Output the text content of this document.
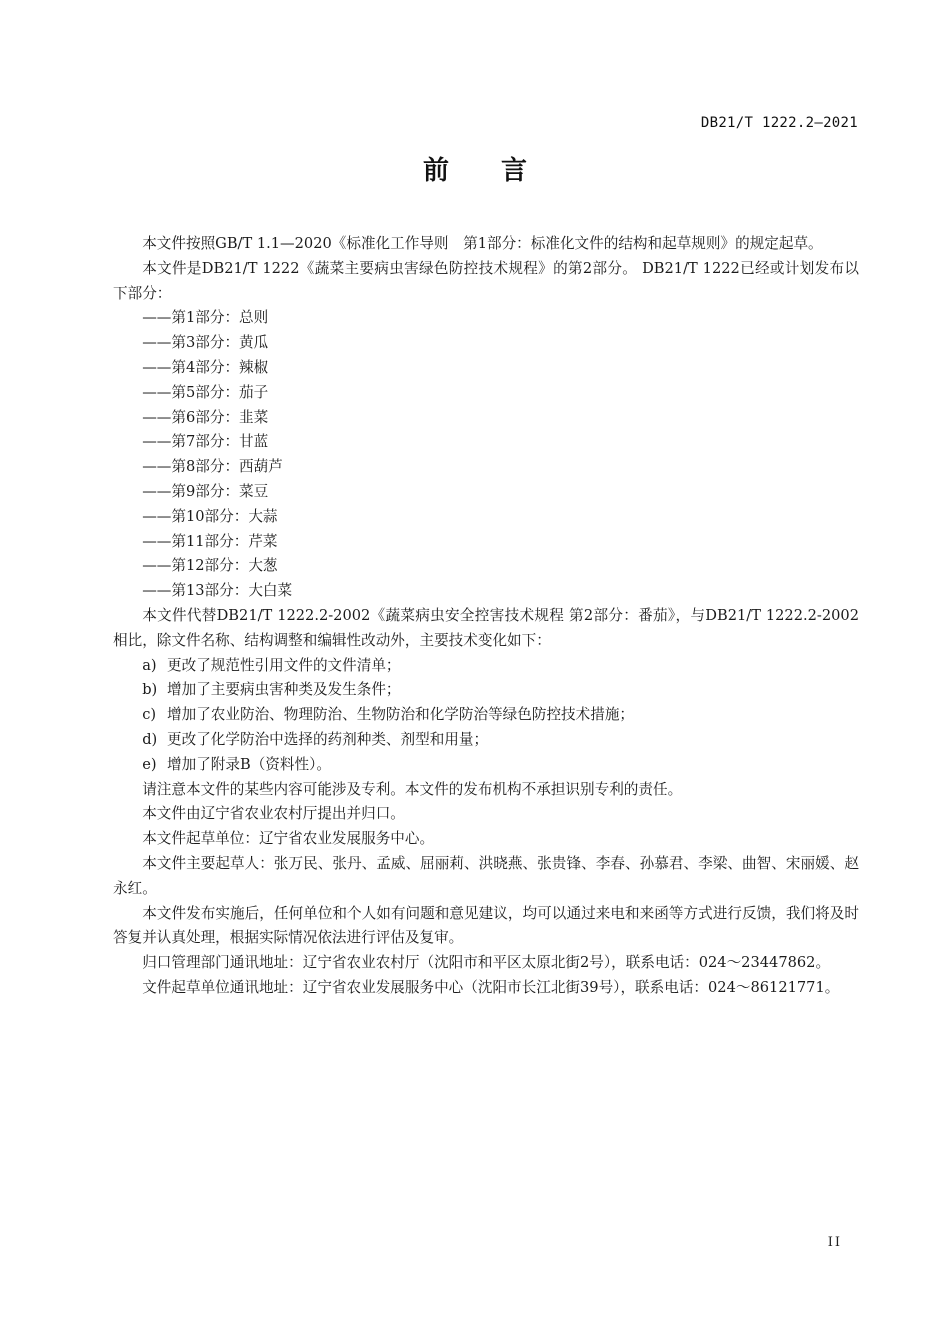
DB21/T 1222.2—2021
前言

本文件按照GB/T 1.1—2020《标准化工作导则　第1部分：标准化文件的结构和起草规则》的规定起草。

本文件是DB21/T 1222《蔬菜主要病虫害绿色防控技术规程》的第2部分。 DB21/T 1222已经或计划发布以下部分：

——第1部分：总则

——第3部分：黄瓜

——第4部分：辣椒

——第5部分：茄子

——第6部分：韭菜

——第7部分：甘蓝

——第8部分：西葫芦

——第9部分：菜豆

——第10部分：大蒜

——第11部分：芹菜

——第12部分：大葱

——第13部分：大白菜

本文件代替DB21/T 1222.2-2002《蔬菜病虫安全控害技术规程 第2部分：番茄》，与DB21/T 1222.2-2002相比，除文件名称、结构调整和编辑性改动外，主要技术变化如下：

a) 更改了规范性引用文件的文件清单；

b) 增加了主要病虫害种类及发生条件；

c) 增加了农业防治、物理防治、生物防治和化学防治等绿色防控技术措施；

d) 更改了化学防治中选择的药剂种类、剂型和用量；

e) 增加了附录B（资料性）。

请注意本文件的某些内容可能涉及专利。本文件的发布机构不承担识别专利的责任。

本文件由辽宁省农业农村厅提出并归口。

本文件起草单位：辽宁省农业发展服务中心。

本文件主要起草人：张万民、张丹、孟威、屈丽莉、洪晓燕、张贵锋、李春、孙慕君、李梁、曲智、宋丽媛、赵永红。

本文件发布实施后，任何单位和个人如有问题和意见建议，均可以通过来电和来函等方式进行反馈，我们将及时答复并认真处理，根据实际情况依法进行评估及复审。

归口管理部门通讯地址：辽宁省农业农村厅（沈阳市和平区太原北街2号），联系电话：024～23447862。

文件起草单位通讯地址：辽宁省农业发展服务中心（沈阳市长江北街39号），联系电话：024～86121771。

II
